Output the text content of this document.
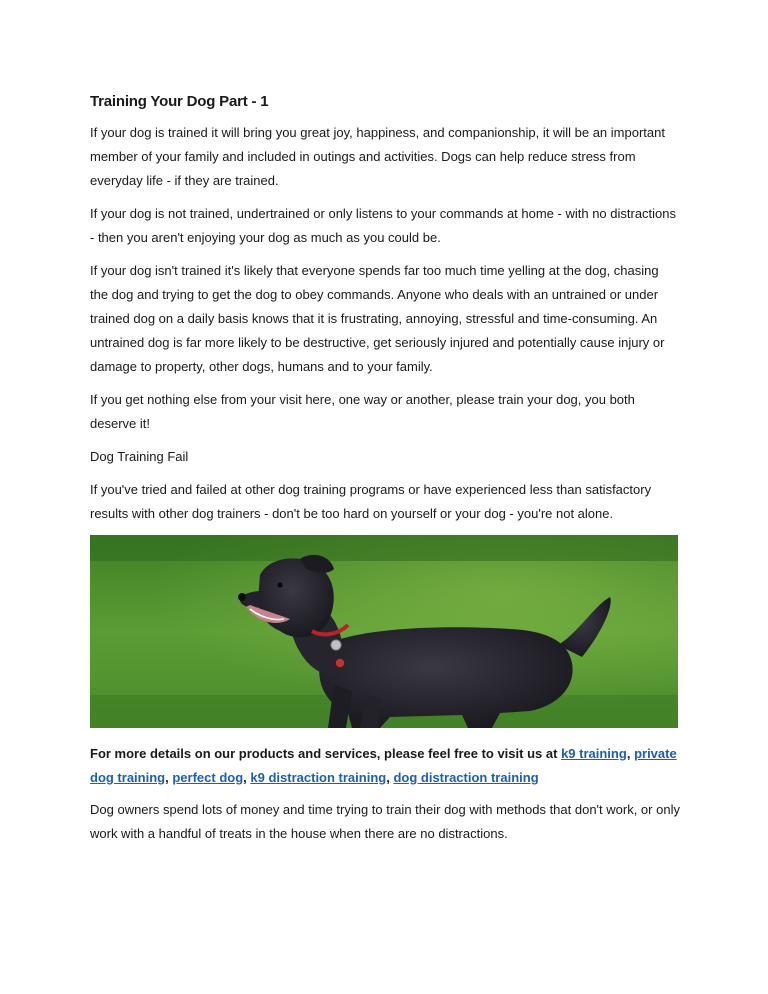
Training Your Dog Part - 1

If your dog is trained it will bring you great joy, happiness, and companionship, it will be an important member of your family and included in outings and activities. Dogs can help reduce stress from everyday life - if they are trained.

If your dog is not trained, undertrained or only listens to your commands at home - with no distractions - then you aren't enjoying your dog as much as you could be.

If your dog isn't trained it's likely that everyone spends far too much time yelling at the dog, chasing the dog and trying to get the dog to obey commands. Anyone who deals with an untrained or under trained dog on a daily basis knows that it is frustrating, annoying, stressful and time-consuming. An untrained dog is far more likely to be destructive, get seriously injured and potentially cause injury or damage to property, other dogs, humans and to your family.

If you get nothing else from your visit here, one way or another, please train your dog, you both deserve it!

Dog Training Fail

If you've tried and failed at other dog training programs or have experienced less than satisfactory results with other dog trainers - don't be too hard on yourself or your dog - you're not alone.

For more details on our products and services, please feel free to visit us at k9 training, private dog training, perfect dog, k9 distraction training, dog distraction training

Dog owners spend lots of money and time trying to train their dog with methods that don't work, or only work with a handful of treats in the house when there are no distractions.
